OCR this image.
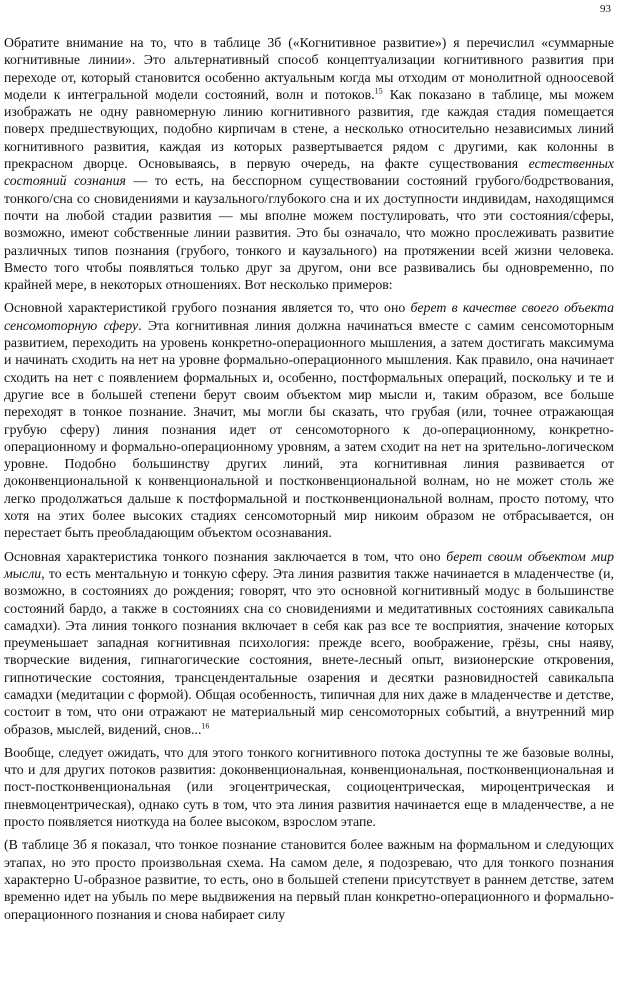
93

Обратите внимание на то, что в таблице 3б («Когнитивное развитие») я перечислил «суммарные когнитивные линии». Это альтернативный способ концептуализации когнитивного развития при переходе от, который становится особенно актуальным когда мы отходим от монолитной одноосевой модели к интегральной модели состояний, волн и потоков.$^{15}$ Как показано в таблице, мы можем изображать не одну равномерную линию когнитивного развития, где каждая стадия помещается поверх предшествующих, подобно кирпичам в стене, а несколько относительно независимых линий когнитивного развития, каждая из которых развертывается рядом с другими, как колонны в прекрасном дворце. Основываясь, в первую очередь, на факте существования естественных состояний сознания — то есть, на бесспорном существовании состояний грубого/бодрствования, тонкого/сна со сновидениями и каузального/глубокого сна и их доступности индивидам, находящимся почти на любой стадии развития — мы вполне можем постулировать, что эти состояния/сферы, возможно, имеют собственные линии развития. Это бы означало, что можно прослеживать развитие различных типов познания (грубого, тонкого и каузального) на протяжении всей жизни человека. Вместо того чтобы появляться только друг за другом, они все развивались бы одновременно, по крайней мере, в некоторых отношениях. Вот несколько примеров:

Основной характеристикой грубого познания является то, что оно берет в качестве своего объекта сенсомоторную сферу. Эта когнитивная линия должна начинаться вместе с самим сенсомоторным развитием, переходить на уровень конкретно-операционного мышления, а затем достигать максимума и начинать сходить на нет на уровне формально-операционного мышления. Как правило, она начинает сходить на нет с появлением формальных и, особенно, постформальных операций, поскольку и те и другие все в большей степени берут своим объектом мир мысли и, таким образом, все больше переходят в тонкое познание. Значит, мы могли бы сказать, что грубая (или, точнее отражающая грубую сферу) линия познания идет от сенсомоторного к до-операционному, конкретно-операционному и формально-операционному уровням, а затем сходит на нет на зрительно-логическом уровне. Подобно большинству других линий, эта когнитивная линия развивается от доконвенциональной к конвенциональной и постконвенциональной волнам, но не может столь же легко продолжаться дальше к постформальной и постконвенциональной волнам, просто потому, что хотя на этих более высоких стадиях сенсомоторный мир никоим образом не отбрасывается, он перестает быть преобладающим объектом осознавания.

Основная характеристика тонкого познания заключается в том, что оно берет своим объектом мир мысли, то есть ментальную и тонкую сферу. Эта линия развития также начинается в младенчестве (и, возможно, в состояниях до рождения; говорят, что это основной когнитивный модус в большинстве состояний бардо, а также в состояниях сна со сновидениями и медитативных состояниях савикальпа самадхи). Эта линия тонкого познания включает в себя как раз все те восприятия, значение которых преуменьшает западная когнитивная психология: прежде всего, воображение, грёзы, сны наяву, творческие видения, гипнагогические состояния, внете-лесный опыт, визионерские откровения, гипнотические состояния, трансцендентальные озарения и десятки разновидностей савикальпа самадхи (медитации с формой). Общая особенность, типичная для них даже в младенчестве и детстве, состоит в том, что они отражают не материальный мир сенсомоторных событий, а внутренний мир образов, мыслей, видений, снов...$^{16}$

Вообще, следует ожидать, что для этого тонкого когнитивного потока доступны те же базовые волны, что и для других потоков развития: доконвенциональная, конвенциональная, постконвенциональная и пост-постконвенциональная (или эгоцентрическая, социоцентрическая, мироцентрическая и пневмоцентрическая), однако суть в том, что эта линия развития начинается еще в младенчестве, а не просто появляется ниоткуда на более высоком, взрослом этапе.

(В таблице 3б я показал, что тонкое познание становится более важным на формальном и следующих этапах, но это просто произвольная схема. На самом деле, я подозреваю, что для тонкого познания характерно U-образное развитие, то есть, оно в большей степени присутствует в раннем детстве, затем временно идет на убыль по мере выдвижения на первый план конкретно-операционного и формально-операционного познания и снова набирает силу
